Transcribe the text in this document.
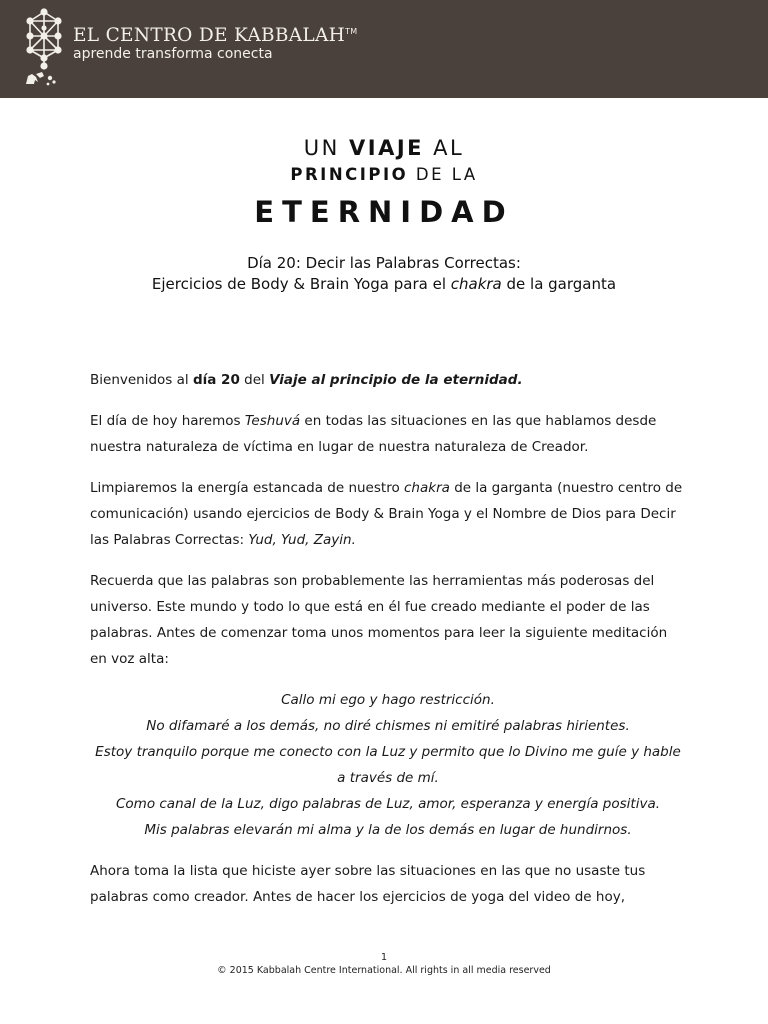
EL CENTRO DE KABBALAH™

aprende transforma conecta

UN VIAJE AL
PRINCIPIO DE LA
ETERNIDAD
Día 20: Decir las Palabras Correctas:
Ejercicios de Body & Brain Yoga para el chakra de la garganta

Bienvenidos al día 20 del Viaje al principio de la eternidad.

El día de hoy haremos Teshuvá en todas las situaciones en las que hablamos desde nuestra naturaleza de víctima en lugar de nuestra naturaleza de Creador.

Limpiaremos la energía estancada de nuestro chakra de la garganta (nuestro centro de comunicación) usando ejercicios de Body & Brain Yoga y el Nombre de Dios para Decir las Palabras Correctas: Yud, Yud, Zayin.

Recuerda que las palabras son probablemente las herramientas más poderosas del universo. Este mundo y todo lo que está en él fue creado mediante el poder de las palabras. Antes de comenzar toma unos momentos para leer la siguiente meditación en voz alta:

Callo mi ego y hago restricción.
No difamaré a los demás, no diré chismes ni emitiré palabras hirientes.
Estoy tranquilo porque me conecto con la Luz y permito que lo Divino me guíe y hable a través de mí.
Como canal de la Luz, digo palabras de Luz, amor, esperanza y energía positiva.
Mis palabras elevarán mi alma y la de los demás en lugar de hundirnos.

Ahora toma la lista que hiciste ayer sobre las situaciones en las que no usaste tus palabras como creador. Antes de hacer los ejercicios de yoga del video de hoy,

1
© 2015 Kabbalah Centre International. All rights in all media reserved
